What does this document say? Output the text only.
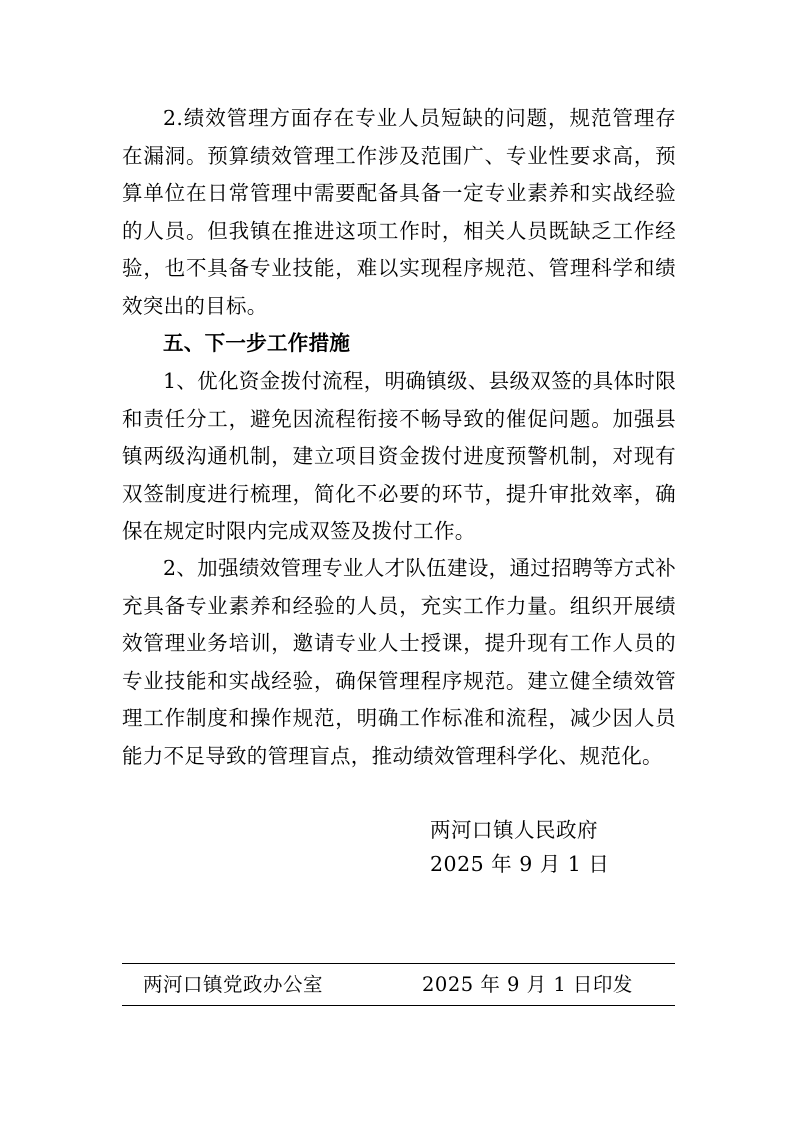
2.绩效管理方面存在专业人员短缺的问题，规范管理存在漏洞。预算绩效管理工作涉及范围广、专业性要求高，预算单位在日常管理中需要配备具备一定专业素养和实战经验的人员。但我镇在推进这项工作时，相关人员既缺乏工作经验，也不具备专业技能，难以实现程序规范、管理科学和绩效突出的目标。

五、下一步工作措施

1、优化资金拨付流程，明确镇级、县级双签的具体时限和责任分工，避免因流程衔接不畅导致的催促问题。加强县镇两级沟通机制，建立项目资金拨付进度预警机制，对现有双签制度进行梳理，简化不必要的环节，提升审批效率，确保在规定时限内完成双签及拨付工作。

2、加强绩效管理专业人才队伍建设，通过招聘等方式补充具备专业素养和经验的人员，充实工作力量。组织开展绩效管理业务培训，邀请专业人士授课，提升现有工作人员的专业技能和实战经验，确保管理程序规范。建立健全绩效管理工作制度和操作规范，明确工作标准和流程，减少因人员能力不足导致的管理盲点，推动绩效管理科学化、规范化。

两河口镇人民政府
2025 年 9 月 1 日
两河口镇党政办公室	2025 年 9 月 1 日印发
